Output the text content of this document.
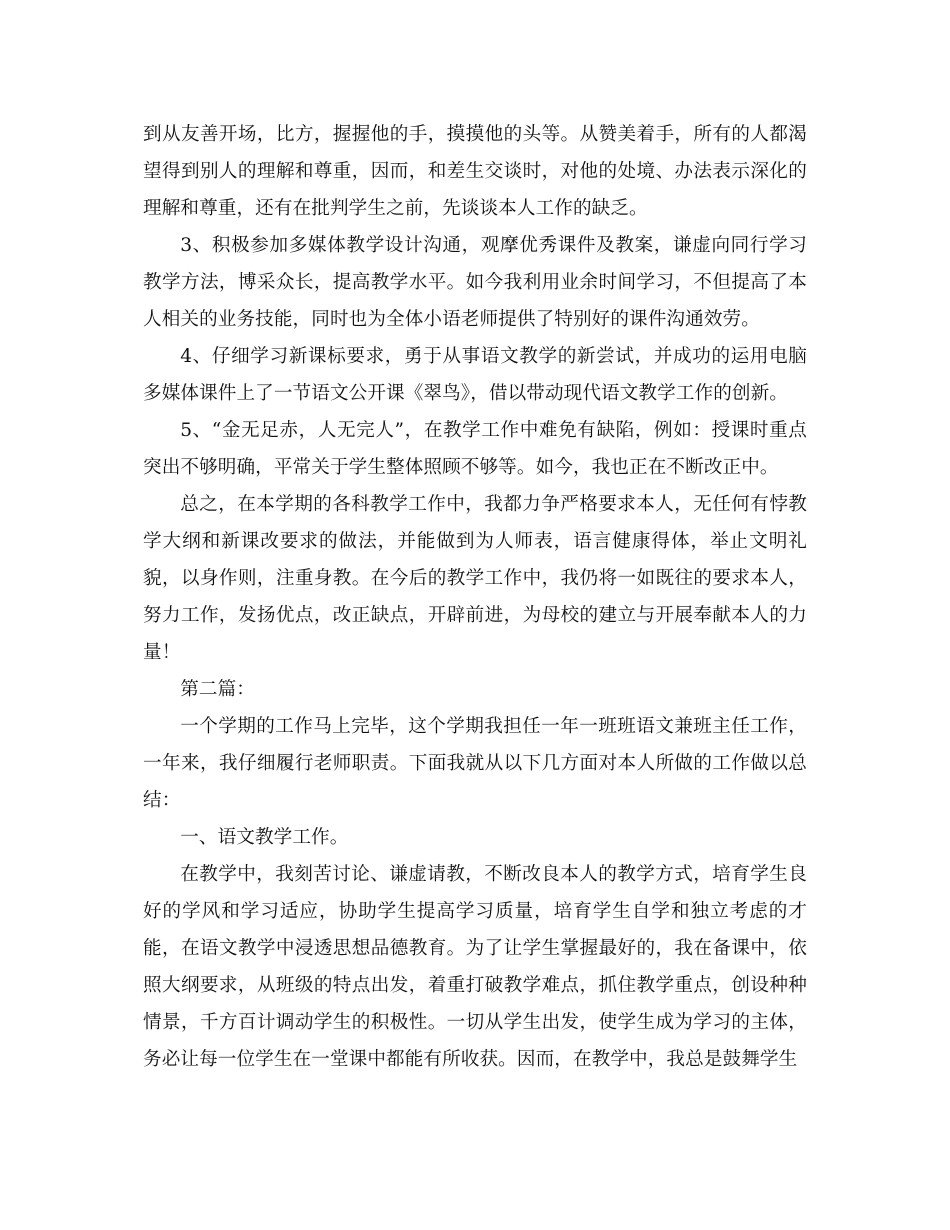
到从友善开场，比方，握握他的手，摸摸他的头等。从赞美着手，所有的人都渴望得到别人的理解和尊重，因而，和差生交谈时，对他的处境、办法表示深化的理解和尊重，还有在批判学生之前，先谈谈本人工作的缺乏。

3、积极参加多媒体教学设计沟通，观摩优秀课件及教案，谦虚向同行学习教学方法，博采众长，提高教学水平。如今我利用业余时间学习，不但提高了本人相关的业务技能，同时也为全体小语老师提供了特别好的课件沟通效劳。

4、仔细学习新课标要求，勇于从事语文教学的新尝试，并成功的运用电脑多媒体课件上了一节语文公开课《翠鸟》，借以带动现代语文教学工作的创新。

5、“金无足赤，人无完人”，在教学工作中难免有缺陷，例如：授课时重点突出不够明确，平常关于学生整体照顾不够等。如今，我也正在不断改正中。

总之，在本学期的各科教学工作中，我都力争严格要求本人，无任何有悖教学大纲和新课改要求的做法，并能做到为人师表，语言健康得体，举止文明礼貌，以身作则，注重身教。在今后的教学工作中，我仍将一如既往的要求本人，努力工作，发扬优点，改正缺点，开辟前进，为母校的建立与开展奉献本人的力量！

第二篇：

一个学期的工作马上完毕，这个学期我担任一年一班班语文兼班主任工作，一年来，我仔细履行老师职责。下面我就从以下几方面对本人所做的工作做以总结：

一、语文教学工作。

在教学中，我刻苦讨论、谦虚请教，不断改良本人的教学方式，培育学生良好的学风和学习适应，协助学生提高学习质量，培育学生自学和独立考虑的才能，在语文教学中浸透思想品德教育。为了让学生掌握最好的，我在备课中，依照大纲要求，从班级的特点出发，着重打破教学难点，抓住教学重点，创设种种情景，千方百计调动学生的积极性。一切从学生出发，使学生成为学习的主体，务必让每一位学生在一堂课中都能有所收获。因而，在教学中，我总是鼓舞学生
